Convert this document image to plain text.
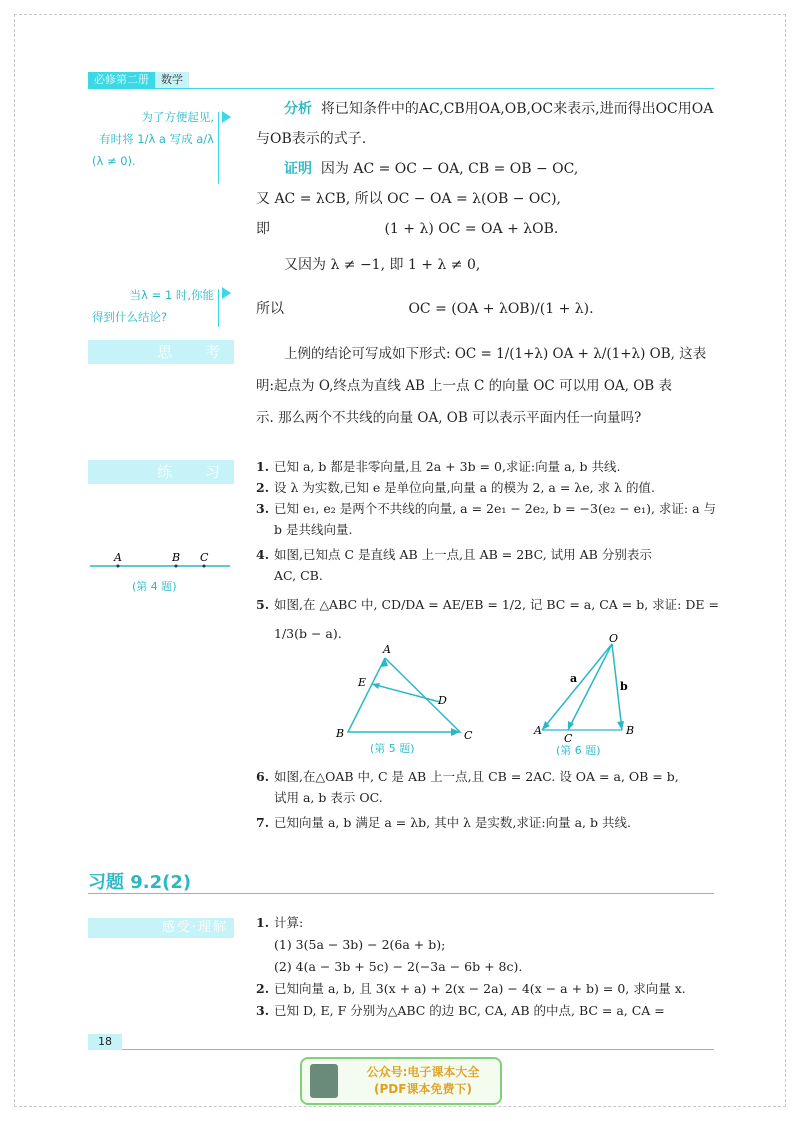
必修第二册	数学
为了方便起见,
有时将 1/λ a 写成 a/λ
(λ ≠ 0).
当λ = 1 时,你能
得到什么结论?
分析 将已知条件中的AC,CB用OA,OB,OC来表示,进而得出OC用OA与OB表示的式子.
证明 因为 AC = OC − OA, CB = OB − OC,
又 AC = λCB, 所以 OC − OA = λ(OB − OC),
即	(1 + λ) OC = OA + λOB.
又因为 λ ≠ −1, 即 1 + λ ≠ 0,
所以	OC = (OA + λOB)/(1 + λ).
思 考	上例的结论可写成如下形式: OC = 1/(1+λ) OA + λ/(1+λ) OB, 这表
明:起点为 O,终点为直线 AB 上一点 C 的向量 OC 可以用 OA, OB 表
示. 那么两个不共线的向量 OA, OB 可以表示平面内任一向量吗?
练 习
A	B C
(第 4 题)
1. 已知 a, b 都是非零向量,且 2a + 3b = 0,求证:向量 a, b 共线.
2. 设 λ 为实数,已知 e 是单位向量,向量 a 的模为 2, a = λe, 求 λ 的值.
3. 已知 e₁, e₂ 是两个不共线的向量, a = 2e₁ − 2e₂, b = −3(e₂ − e₁), 求证: a 与
b 是共线向量.
4. 如图,已知点 C 是直线 AB 上一点,且 AB = 2BC, 试用 AB 分别表示
AC, CB.
5. 如图,在 △ABC 中, CD/DA = AE/EB = 1/2, 记 BC = a, CA = b, 求证: DE =
1/3(b − a).
A
E
D
B	C
(第 5 题)
O
a
b
A
C
B
(第 6 题)
6. 如图,在△OAB 中, C 是 AB 上一点,且 CB = 2AC. 设 OA = a, OB = b,
试用 a, b 表示 OC.
7. 已知向量 a, b 满足 a = λb, 其中 λ 是实数,求证:向量 a, b 共线.
习题 9.2(2)
感受·理解	1. 计算:
(1) 3(5a − 3b) − 2(6a + b);
(2) 4(a − 3b + 5c) − 2(−3a − 6b + 8c).
2. 已知向量 a, b, 且 3(x + a) + 2(x − 2a) − 4(x − a + b) = 0, 求向量 x.
3. 已知 D, E, F 分别为△ABC 的边 BC, CA, AB 的中点, BC = a, CA =
18
公众号:电子课本大全
(PDF课本免费下)
